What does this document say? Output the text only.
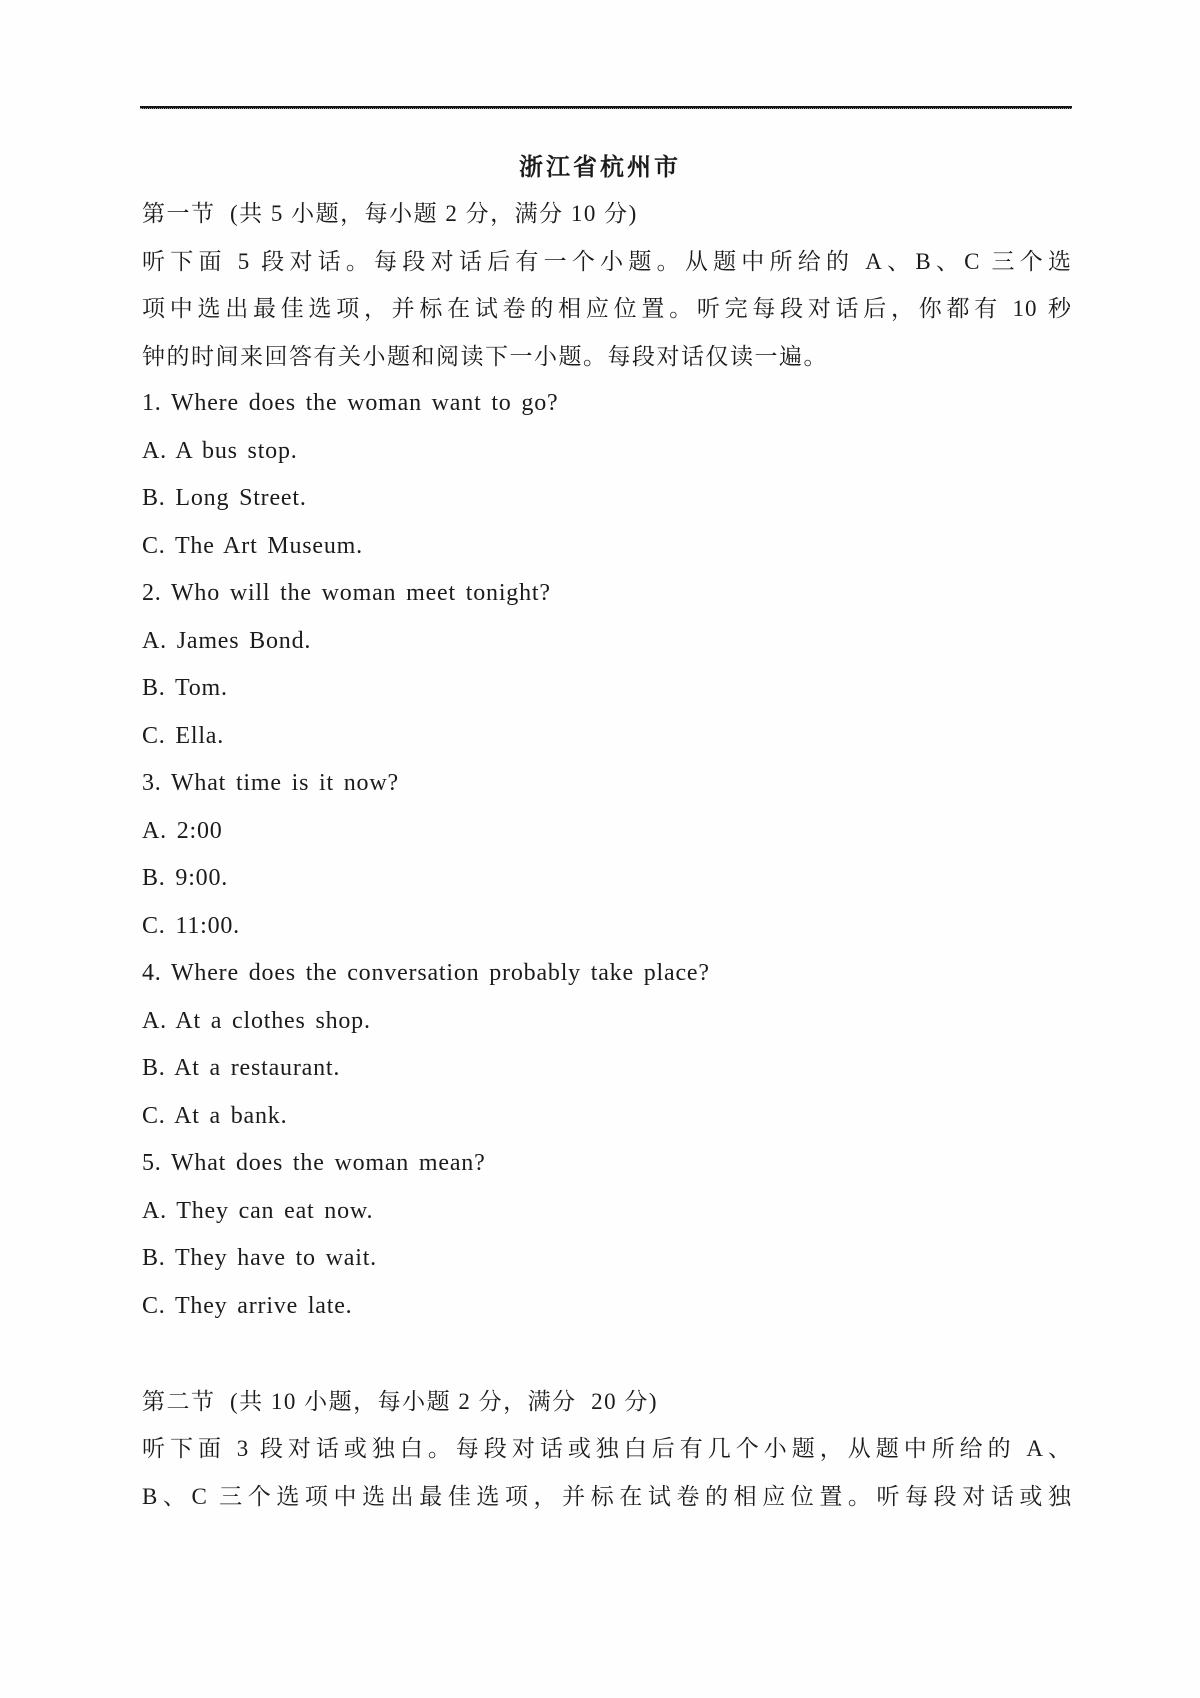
浙江省杭州市
第一节  (共 5 小题，每小题 2 分，满分 10 分)
听下面 5 段对话。每段对话后有一个小题。从题中所给的 A、B、C 三个选
项中选出最佳选项，并标在试卷的相应位置。听完每段对话后，你都有 10 秒
钟的时间来回答有关小题和阅读下一小题。每段对话仅读一遍。
1. Where does the woman want to go?
A. A bus stop.
B. Long Street.
C. The Art Museum.
2. Who will the woman meet tonight?
A. James Bond.
B. Tom.
C. Ella.
3. What time is it now?
A. 2:00
B. 9:00.
C. 11:00.
4. Where does the conversation probably take place?
A. At a clothes shop.
B. At a restaurant.
C. At a bank.
5. What does the woman mean?
A. They can eat now.
B. They have to wait.
C. They arrive late.
第二节  (共 10 小题，每小题 2 分，满分  20 分)
听下面 3 段对话或独白。每段对话或独白后有几个小题，从题中所给的 A、
B、C 三个选项中选出最佳选项，并标在试卷的相应位置。听每段对话或独
